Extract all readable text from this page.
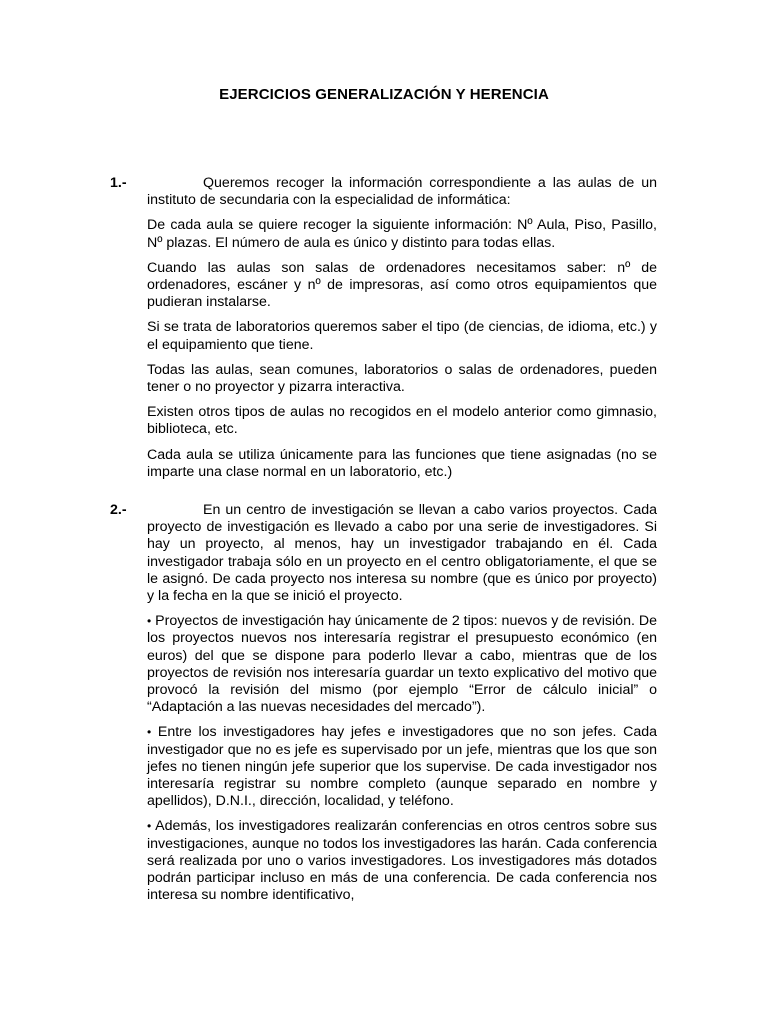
EJERCICIOS GENERALIZACIÓN Y HERENCIA
1.-	Queremos recoger la información correspondiente a las aulas de un instituto de secundaria con la especialidad de informática:

De cada aula se quiere recoger la siguiente información: Nº Aula, Piso, Pasillo, Nº plazas. El número de aula es único y distinto para todas ellas.

Cuando las aulas son salas de ordenadores necesitamos saber: nº de ordenadores, escáner y nº de impresoras, así como otros equipamientos que pudieran instalarse.

Si se trata de laboratorios queremos saber el tipo (de ciencias, de idioma, etc.) y el equipamiento que tiene.

Todas las aulas, sean comunes, laboratorios o salas de ordenadores, pueden tener o no proyector y pizarra interactiva.

Existen otros tipos de aulas no recogidos en el modelo anterior como gimnasio, biblioteca, etc.

Cada aula se utiliza únicamente para las funciones que tiene asignadas (no se imparte una clase normal en un laboratorio, etc.)

2.-	En un centro de investigación se llevan a cabo varios proyectos. Cada proyecto de investigación es llevado a cabo por una serie de investigadores. Si hay un proyecto, al menos, hay un investigador trabajando en él. Cada investigador trabaja sólo en un proyecto en el centro obligatoriamente, el que se le asignó. De cada proyecto nos interesa su nombre (que es único por proyecto) y la fecha en la que se inició el proyecto.

• Proyectos de investigación hay únicamente de 2 tipos: nuevos y de revisión. De los proyectos nuevos nos interesaría registrar el presupuesto económico (en euros) del que se dispone para poderlo llevar a cabo, mientras que de los proyectos de revisión nos interesaría guardar un texto explicativo del motivo que provocó la revisión del mismo (por ejemplo “Error de cálculo inicial” o “Adaptación a las nuevas necesidades del mercado”).

• Entre los investigadores hay jefes e investigadores que no son jefes. Cada investigador que no es jefe es supervisado por un jefe, mientras que los que son jefes no tienen ningún jefe superior que los supervise. De cada investigador nos interesaría registrar su nombre completo (aunque separado en nombre y apellidos), D.N.I., dirección, localidad, y teléfono.

• Además, los investigadores realizarán conferencias en otros centros sobre sus investigaciones, aunque no todos los investigadores las harán. Cada conferencia será realizada por uno o varios investigadores. Los investigadores más dotados podrán participar incluso en más de una conferencia. De cada conferencia nos interesa su nombre identificativo,
